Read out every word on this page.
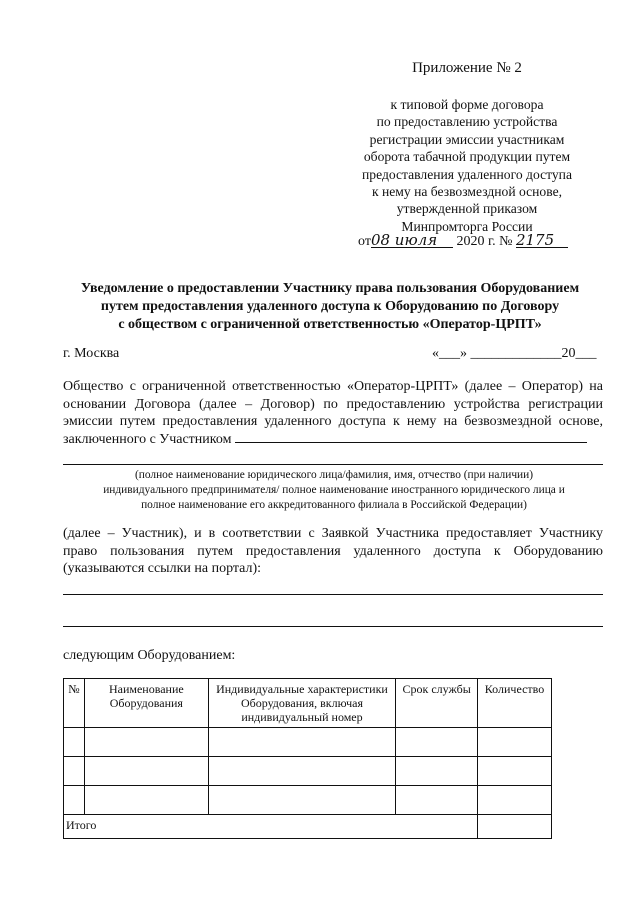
Приложение № 2
к типовой форме договора
по предоставлению устройства
регистрации эмиссии участникам
оборота табачной продукции путем
предоставления удаленного доступа
к нему на безвозмездной основе,
утвержденной приказом
Минпромторга России
от08 июля 2020 г. № 2175
Уведомление о предоставлении Участнику права пользования Оборудованием
путем предоставления удаленного доступа к Оборудованию по Договору
с обществом с ограниченной ответственностью «Оператор-ЦРПТ»
г. Москва	«___» _____________20___
Общество с ограниченной ответственностью «Оператор-ЦРПТ» (далее – Оператор) на основании Договора (далее – Договор) по предоставлению устройства регистрации эмиссии путем предоставления удаленного доступа к нему на безвозмездной основе, заключенного с Участником
(полное наименование юридического лица/фамилия, имя, отчество (при наличии)
индивидуального предпринимателя/ полное наименование иностранного юридического лица и
полное наименование его аккредитованного филиала в Российской Федерации)
(далее – Участник), и в соответствии с Заявкой Участника предоставляет Участнику право пользования путем предоставления удаленного доступа к Оборудованию (указываются ссылки на портал):
следующим Оборудованием:
№	Наименование Оборудования	Индивидуальные характеристики Оборудования, включая индивидуальный номер	Срок службы	Количество

Итого				
